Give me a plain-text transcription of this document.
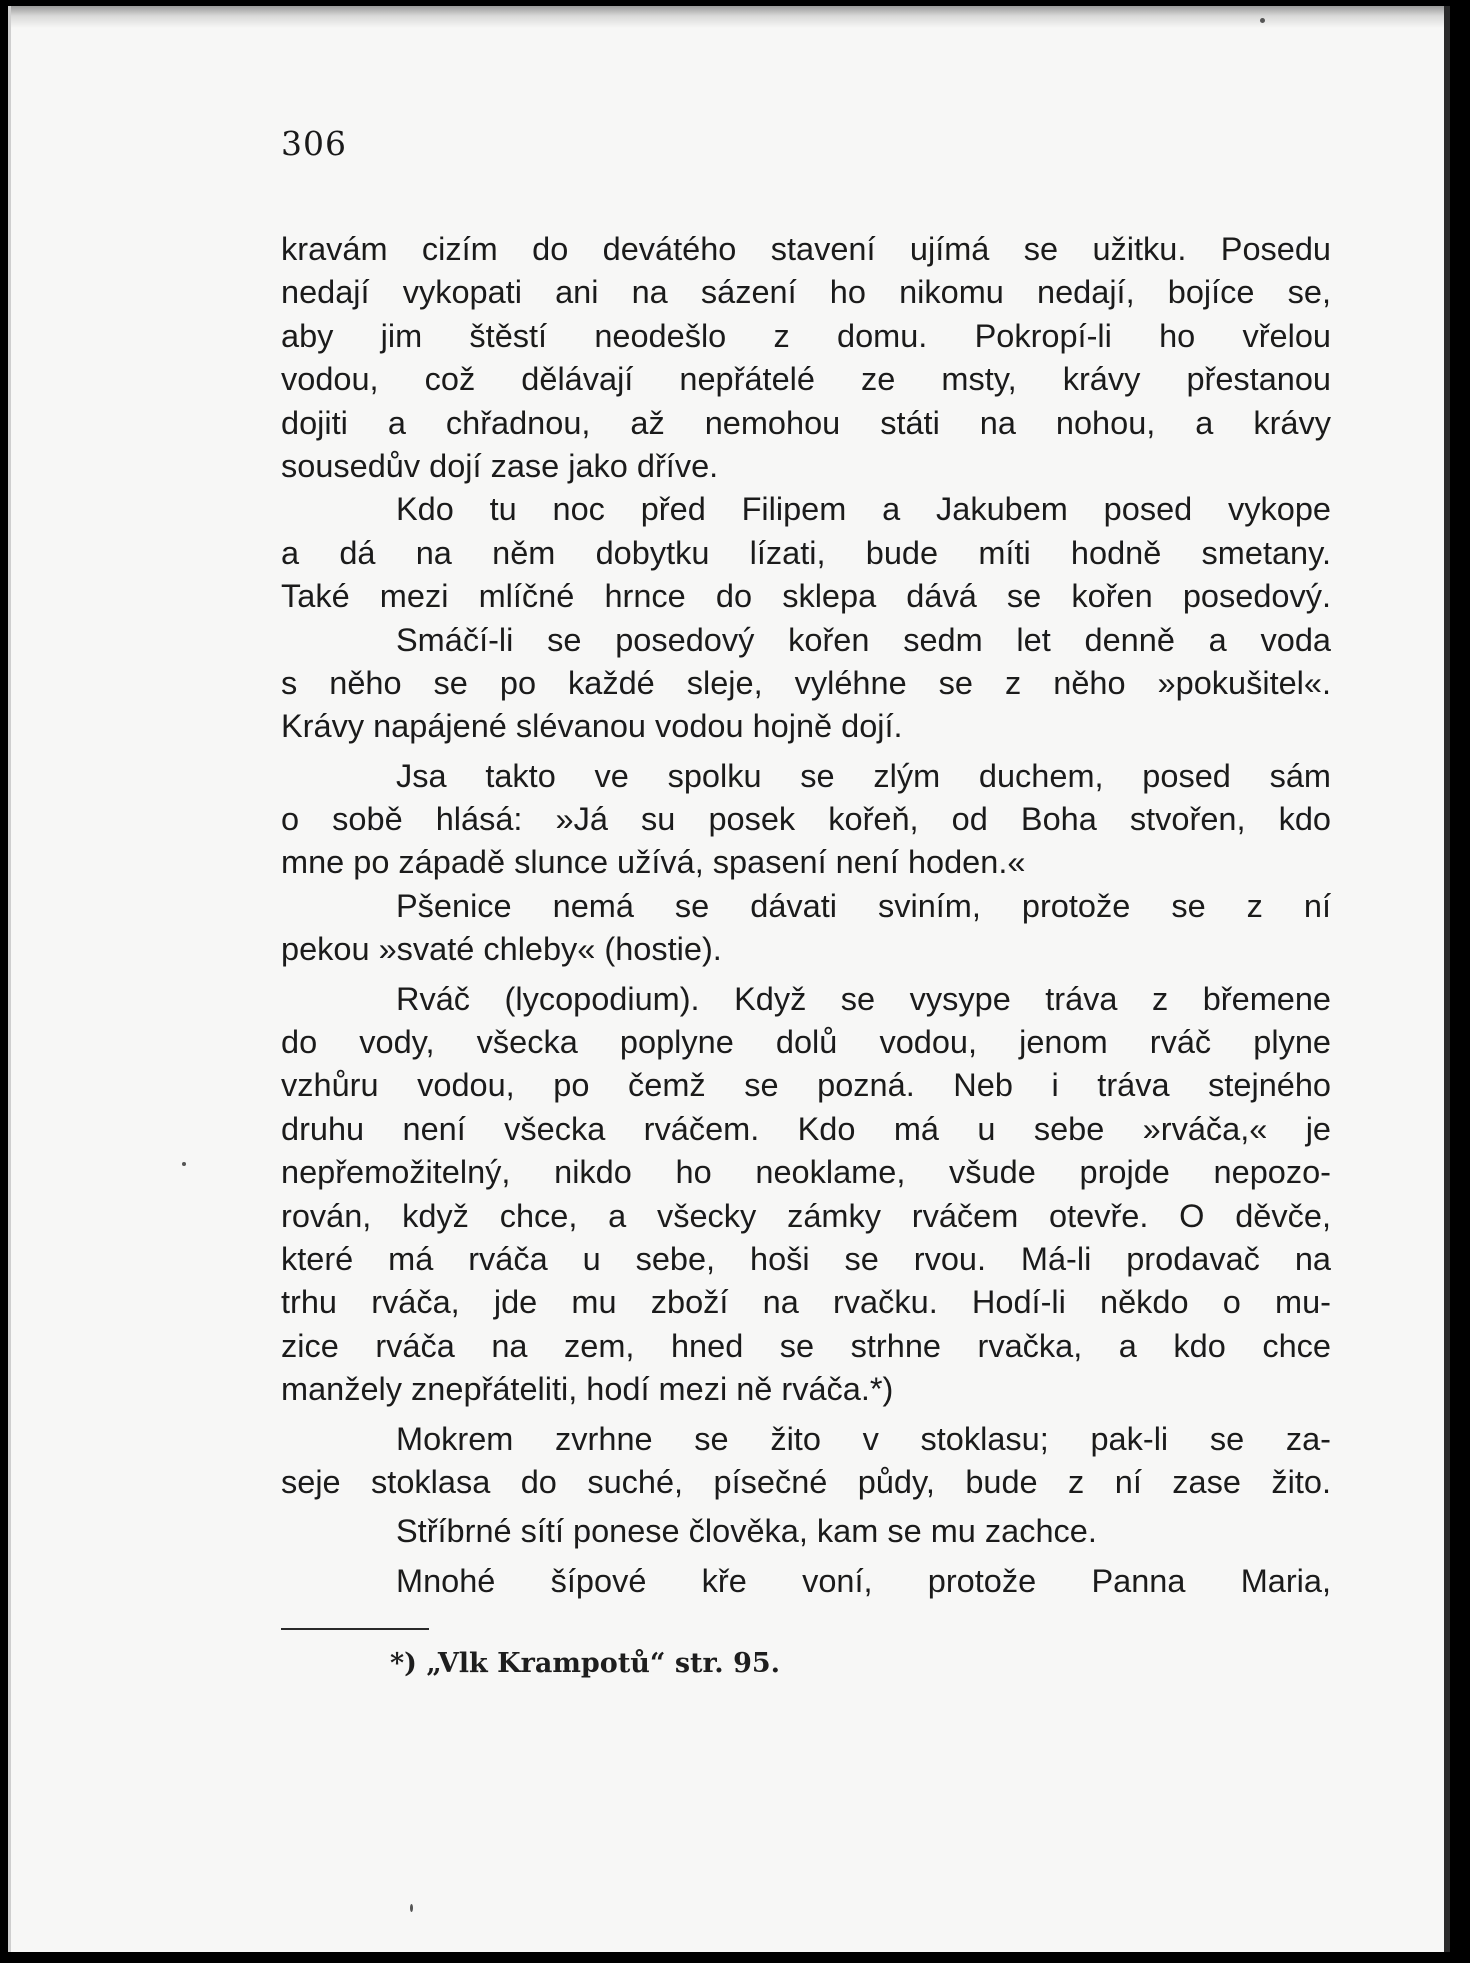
306
kravám cizím do devátého stavení ujímá se užitku. Posedu
nedají vykopati ani na sázení ho nikomu nedají, bojíce se,
aby jim štěstí neodešlo z domu. Pokropí-li ho vřelou
vodou, což dělávají nepřátelé ze msty, krávy přestanou
dojiti a chřadnou, až nemohou státi na nohou, a krávy
sousedův dojí zase jako dříve.
Kdo tu noc před Filipem a Jakubem posed vykope
a dá na něm dobytku lízati, bude míti hodně smetany.
Také mezi mlíčné hrnce do sklepa dává se kořen posedový.
Smáčí-li se posedový kořen sedm let denně a voda
s něho se po každé sleje, vyléhne se z něho »pokušitel«.
Krávy napájené slévanou vodou hojně dojí.
Jsa takto ve spolku se zlým duchem, posed sám
o sobě hlásá: »Já su posek kořeň, od Boha stvořen, kdo
mne po západě slunce užívá, spasení není hoden.«
Pšenice nemá se dávati sviním, protože se z ní
pekou »svaté chleby« (hostie).
Rváč (lycopodium). Když se vysype tráva z břemene
do vody, všecka poplyne dolů vodou, jenom rváč plyne
vzhůru vodou, po čemž se pozná. Neb i tráva stejného
druhu není všecka rváčem. Kdo má u sebe »rváča,« je
nepřemožitelný, nikdo ho neoklame, všude projde nepozo-
rován, když chce, a všecky zámky rváčem otevře. O děvče,
které má rváča u sebe, hoši se rvou. Má-li prodavač na
trhu rváča, jde mu zboží na rvačku. Hodí-li někdo o mu-
zice rváča na zem, hned se strhne rvačka, a kdo chce
manžely znepřáteliti, hodí mezi ně rváča.*)
Mokrem zvrhne se žito v stoklasu; pak-li se za-
seje stoklasa do suché, písečné půdy, bude z ní zase žito.
Stříbrné sítí ponese člověka, kam se mu zachce.
Mnohé šípové kře voní, protože Panna Maria,
*) „Vlk Krampotů“ str. 95.
